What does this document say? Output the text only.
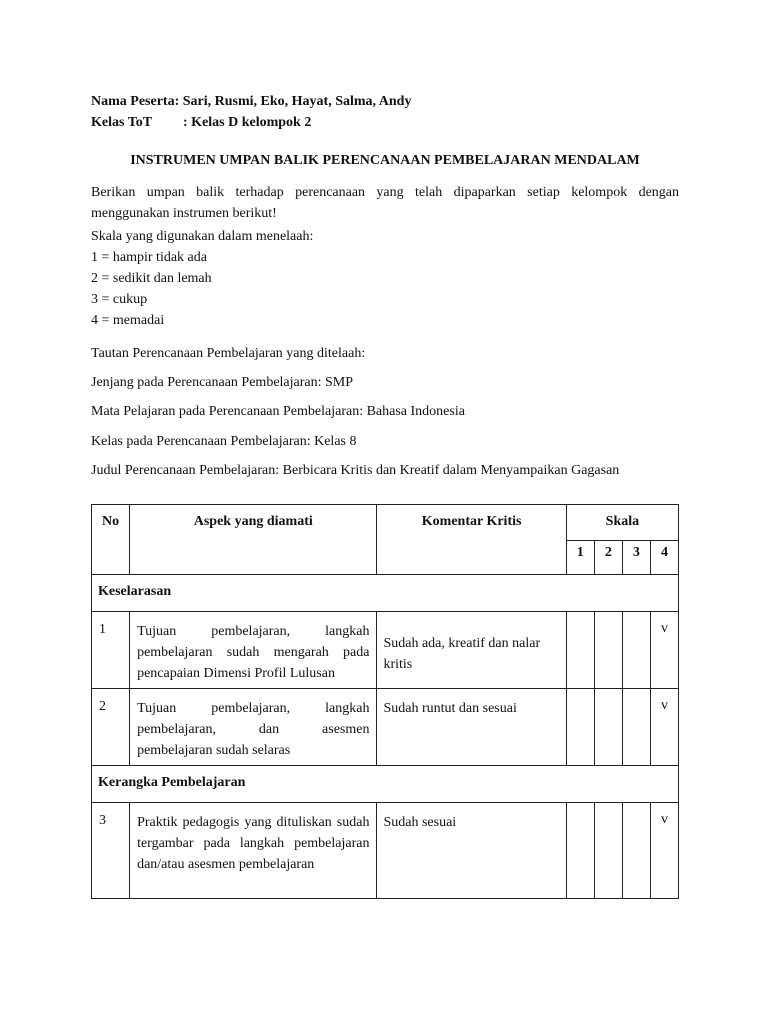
Nama Peserta: Sari, Rusmi, Eko, Hayat, Salma, Andy
Kelas ToT : Kelas D kelompok 2
INSTRUMEN UMPAN BALIK PERENCANAAN PEMBELAJARAN MENDALAM
Berikan umpan balik terhadap perencanaan yang telah dipaparkan setiap kelompok dengan menggunakan instrumen berikut!
Skala yang digunakan dalam menelaah:
1 = hampir tidak ada
2 = sedikit dan lemah
3 = cukup
4 = memadai
Tautan Perencanaan Pembelajaran yang ditelaah:
Jenjang pada Perencanaan Pembelajaran: SMP
Mata Pelajaran pada Perencanaan Pembelajaran: Bahasa Indonesia
Kelas pada Perencanaan Pembelajaran: Kelas 8
Judul Perencanaan Pembelajaran: Berbicara Kritis dan Kreatif dalam Menyampaikan Gagasan
No	Aspek yang diamati	Komentar Kritis	Skala			
			1	2	3	4
Keselarasan						
1	Tujuan pembelajaran, langkah pembelajaran sudah mengarah pada pencapaian Dimensi Profil Lulusan	Sudah ada, kreatif dan nalar kritis				v
2	Tujuan pembelajaran, langkah pembelajaran, dan asesmen pembelajaran sudah selaras	Sudah runtut dan sesuai				v
Kerangka Pembelajaran						
3	Praktik pedagogis yang dituliskan sudah tergambar pada langkah pembelajaran dan/atau asesmen pembelajaran	Sudah sesuai				v
